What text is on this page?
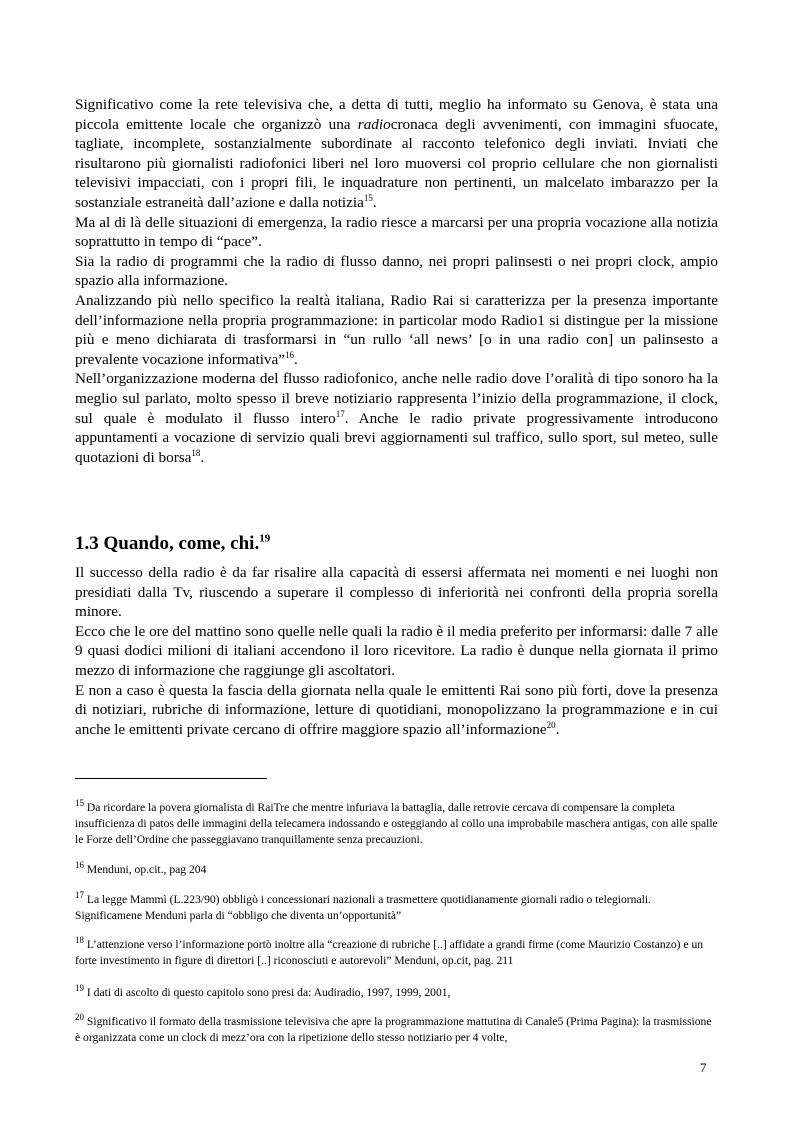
Significativo come la rete televisiva che, a detta di tutti, meglio ha informato su Genova, è stata una piccola emittente locale che organizzò una radiocronaca degli avvenimenti, con immagini sfuocate, tagliate, incomplete, sostanzialmente subordinate al racconto telefonico degli inviati. Inviati che risultarono più giornalisti radiofonici liberi nel loro muoversi col proprio cellulare che non giornalisti televisivi impacciati, con i propri fili, le inquadrature non pertinenti, un malcelato imbarazzo per la sostanziale estraneità dall’azione e dalla notizia$^{15}$.

Ma al di là delle situazioni di emergenza, la radio riesce a marcarsi per una propria vocazione alla notizia soprattutto in tempo di “pace”.

Sia la radio di programmi che la radio di flusso danno, nei propri palinsesti o nei propri clock, ampio spazio alla informazione.

Analizzando più nello specifico la realtà italiana, Radio Rai si caratterizza per la presenza importante dell’informazione nella propria programmazione: in particolar modo Radio1 si distingue per la missione più e meno dichiarata di trasformarsi in “un rullo ‘all news’ [o in una radio con] un palinsesto a prevalente vocazione informativa”$^{16}$.

Nell’organizzazione moderna del flusso radiofonico, anche nelle radio dove l’oralità di tipo sonoro ha la meglio sul parlato, molto spesso il breve notiziario rappresenta l’inizio della programmazione, il clock, sul quale è modulato il flusso intero$^{17}$. Anche le radio private progressivamente introducono appuntamenti a vocazione di servizio quali brevi aggiornamenti sul traffico, sullo sport, sul meteo, sulle quotazioni di borsa$^{18}$.

1.3 Quando, come, chi.$^{19}$

Il successo della radio è da far risalire alla capacità di essersi affermata nei momenti e nei luoghi non presidiati dalla Tv, riuscendo a superare il complesso di inferiorità nei confronti della propria sorella minore.

Ecco che le ore del mattino sono quelle nelle quali la radio è il media preferito per informarsi: dalle 7 alle 9 quasi dodici milioni di italiani accendono il loro ricevitore. La radio è dunque nella giornata il primo mezzo di informazione che raggiunge gli ascoltatori.

E non a caso è questa la fascia della giornata nella quale le emittenti Rai sono più forti, dove la presenza di notiziari, rubriche di informazione, letture di quotidiani, monopolizzano la programmazione e in cui anche le emittenti private cercano di offrire maggiore spazio all’informazione$^{20}$.

$^{15}$ Da ricordare la povera giornalista di RaiTre che mentre infuriava la battaglia, dalle retrovie cercava di compensare la completa insufficienza di patos delle immagini della telecamera indossando e osteggiando al collo una improbabile maschera antigas, con alle spalle le Forze dell’Ordine che passeggiavano tranquillamente senza precauzioni.

$^{16}$ Menduni, op.cit., pag 204

$^{17}$ La legge Mammì (L.223/90) obbligò i concessionari nazionali a trasmettere quotidianamente giornali radio o telegiornali. Significamene Menduni parla di “obbligo che diventa un’opportunità”

$^{18}$ L’attenzione verso l’informazione portò inoltre alla “creazione di rubriche [..] affidate a grandi firme (come Maurizio Costanzo) e un forte investimento in figure di direttori [..] riconosciuti e autorevoli” Menduni, op.cit, pag. 211

$^{19}$ I dati di ascolto di questo capitolo sono presi da: Audiradio, 1997, 1999, 2001,

$^{20}$ Significativo il formato della trasmissione televisiva che apre la programmazione mattutina di Canale5 (Prima Pagina): la trasmissione è organizzata come un clock di mezz’ora con la ripetizione dello stesso notiziario per 4 volte,

7
